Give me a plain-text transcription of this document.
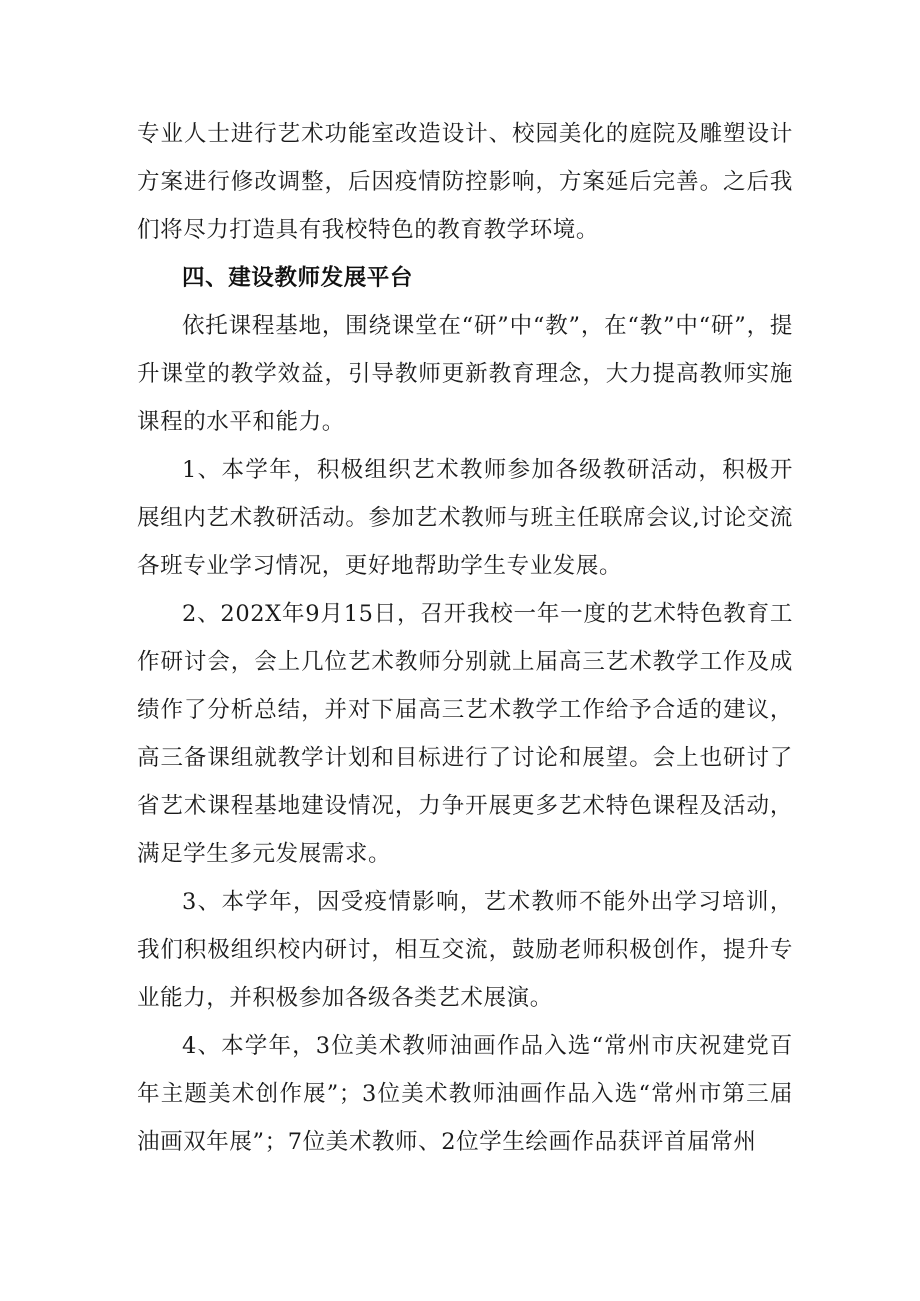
专业人士进行艺术功能室改造设计、校园美化的庭院及雕塑设计方案进行修改调整，后因疫情防控影响，方案延后完善。之后我们将尽力打造具有我校特色的教育教学环境。

四、建设教师发展平台

依托课程基地，围绕课堂在“研”中“教”，在“教”中“研”，提升课堂的教学效益，引导教师更新教育理念，大力提高教师实施课程的水平和能力。

1、本学年，积极组织艺术教师参加各级教研活动，积极开展组内艺术教研活动。参加艺术教师与班主任联席会议,讨论交流各班专业学习情况，更好地帮助学生专业发展。

2、202X年9月15日，召开我校一年一度的艺术特色教育工作研讨会，会上几位艺术教师分别就上届高三艺术教学工作及成绩作了分析总结，并对下届高三艺术教学工作给予合适的建议，高三备课组就教学计划和目标进行了讨论和展望。会上也研讨了省艺术课程基地建设情况，力争开展更多艺术特色课程及活动，满足学生多元发展需求。

3、本学年，因受疫情影响，艺术教师不能外出学习培训，我们积极组织校内研讨，相互交流，鼓励老师积极创作，提升专业能力，并积极参加各级各类艺术展演。

4、本学年，3位美术教师油画作品入选“常州市庆祝建党百年主题美术创作展”；3位美术教师油画作品入选“常州市第三届油画双年展”；7位美术教师、2位学生绘画作品获评首届常州
